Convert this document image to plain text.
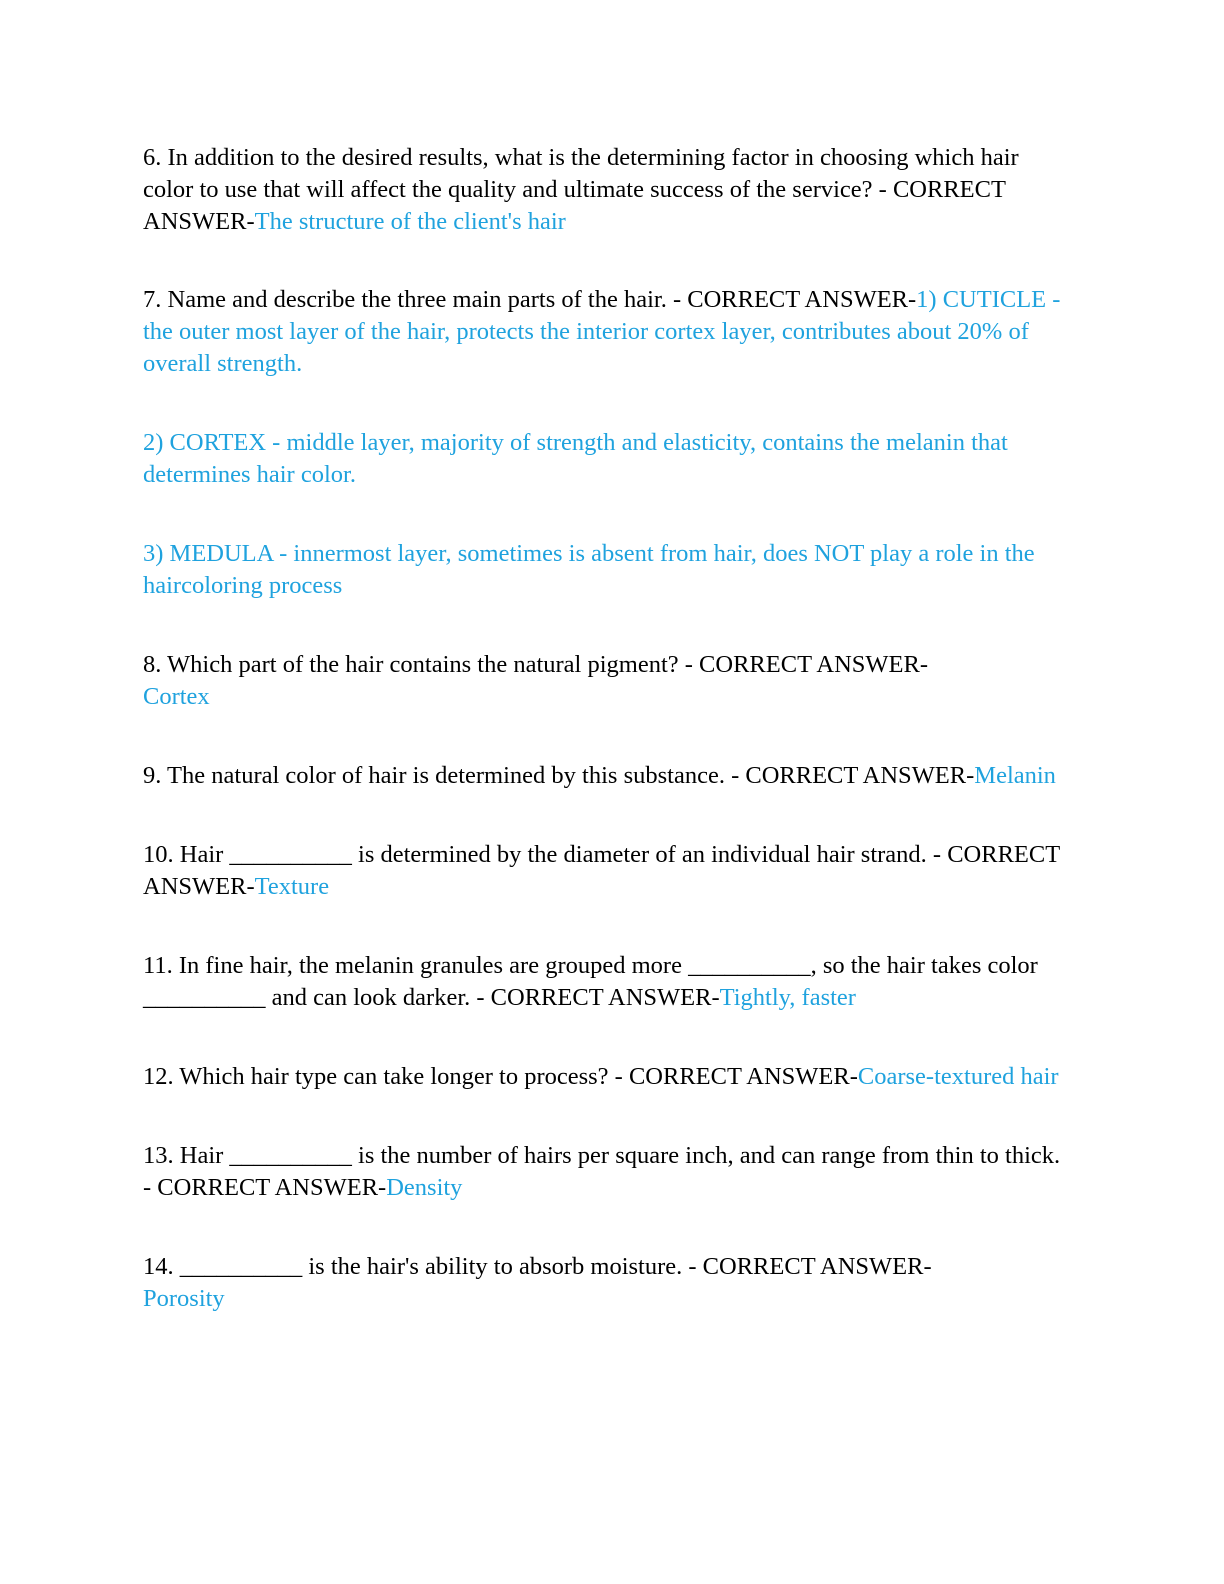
6. In addition to the desired results, what is the determining factor in choosing which hair color to use that will affect the quality and ultimate success of the service? - CORRECT ANSWER-The structure of the client's hair

7. Name and describe the three main parts of the hair. - CORRECT ANSWER-1) CUTICLE - the outer most layer of the hair, protects the interior cortex layer, contributes about 20% of overall strength.

2) CORTEX - middle layer, majority of strength and elasticity, contains the melanin that determines hair color.

3) MEDULA - innermost layer, sometimes is absent from hair, does NOT play a role in the haircoloring process

8. Which part of the hair contains the natural pigment? - CORRECT ANSWER-
Cortex

9. The natural color of hair is determined by this substance. - CORRECT ANSWER-Melanin

10. Hair __________ is determined by the diameter of an individual hair strand. - CORRECT ANSWER-Texture

11. In fine hair, the melanin granules are grouped more __________, so the hair takes color __________ and can look darker. - CORRECT ANSWER-Tightly, faster

12. Which hair type can take longer to process? - CORRECT ANSWER-Coarse-textured hair

13. Hair __________ is the number of hairs per square inch, and can range from thin to thick. - CORRECT ANSWER-Density

14. __________ is the hair's ability to absorb moisture. - CORRECT ANSWER-
Porosity
